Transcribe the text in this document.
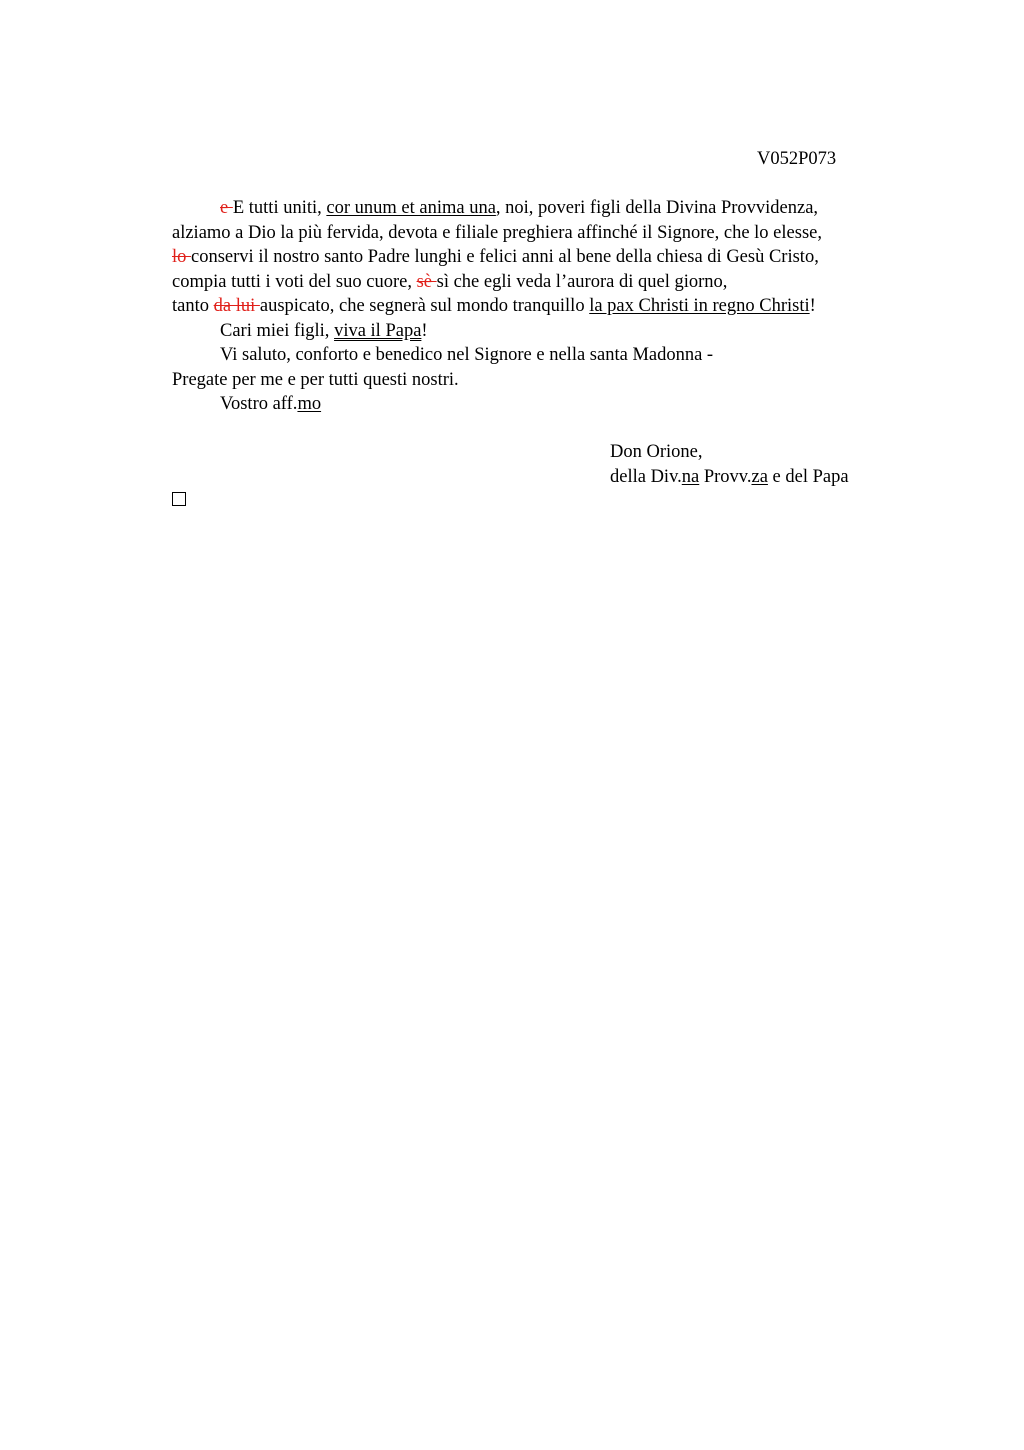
V052P073
e E tutti uniti, cor unum et anima una, noi, poveri figli della Divina Provvidenza,
alziamo a Dio la più fervida, devota e filiale preghiera affinché il Signore, che lo elesse,
lo conservi il nostro santo Padre lunghi e felici anni al bene della chiesa di Gesù Cristo,
compia tutti i voti del suo cuore, sè sì che egli veda l’aurora di quel giorno,
tanto da lui auspicato, che segnerà sul mondo tranquillo la pax Christi in regno Christi!
Cari miei figli, viva il Papa!
Vi saluto, conforto e benedico nel Signore e nella santa Madonna -
Pregate per me e per tutti questi nostri.
Vostro aff.mo
Don Orione,
della Div.na Provv.za e del Papa
